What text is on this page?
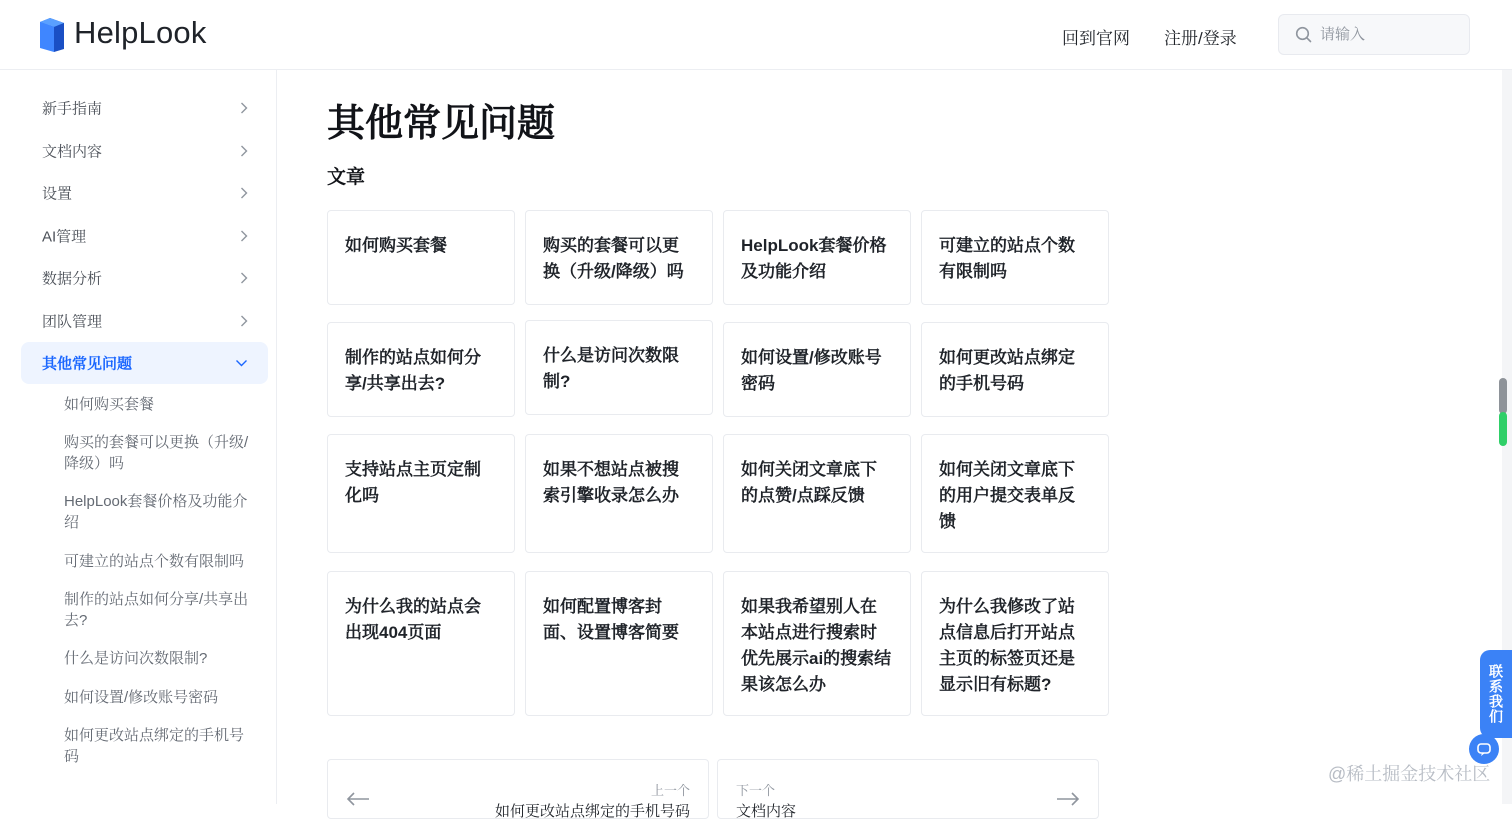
HelpLook	回到官网 注册/登录
请输入
新手指南
文档内容
设置
AI管理
数据分析
团队管理
其他常见问题
如何购买套餐
购买的套餐可以更换（升级/降级）吗
HelpLook套餐价格及功能介绍
可建立的站点个数有限制吗
制作的站点如何分享/共享出去?
什么是访问次数限制?
如何设置/修改账号密码
如何更改站点绑定的手机号码
其他常见问题
文章
如何购买套餐	购买的套餐可以更换（升级/降级）吗
HelpLook套餐价格及功能介绍
可建立的站点个数有限制吗
制作的站点如何分享/共享出去?
什么是访问次数限制?
如何设置/修改账号密码
如何更改站点绑定的手机号码
支持站点主页定制化吗
如果不想站点被搜索引擎收录怎么办
如何关闭文章底下的点赞/点踩反馈
如何关闭文章底下的用户提交表单反馈
为什么我的站点会出现404页面
如何配置博客封面、设置博客简要
如果我希望别人在本站点进行搜索时优先展示ai的搜索结果该怎么办
为什么我修改了站点信息后打开站点主页的标签页还是显示旧有标题?
上一个
如何更改站点绑定的手机号码
下一个
文档内容
联系我们
@稀土掘金技术社区
